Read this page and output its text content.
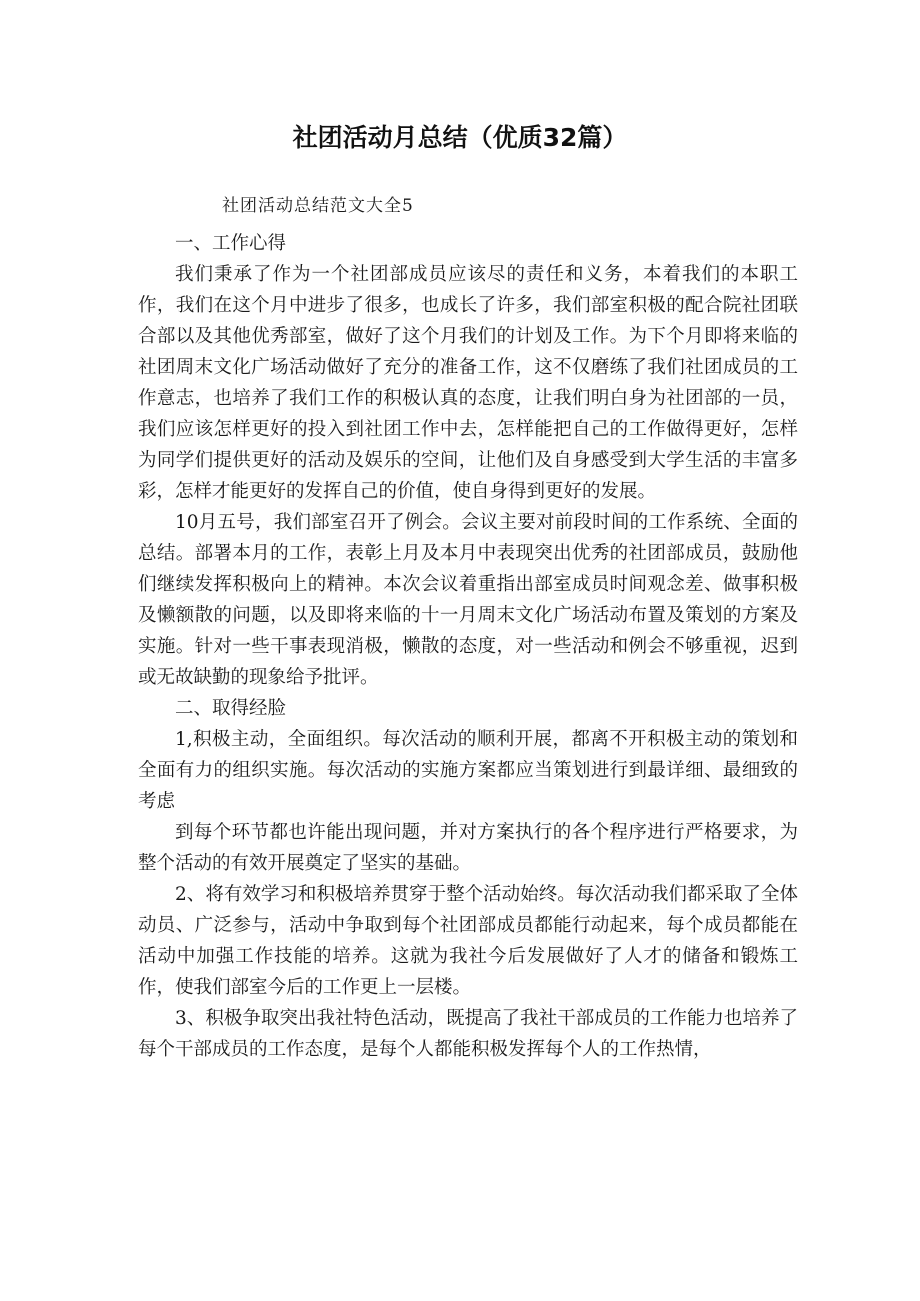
社团活动月总结（优质32篇）
社团活动总结范文大全5

一、工作心得

我们秉承了作为一个社团部成员应该尽的责任和义务，本着我们的本职工作，我们在这个月中进步了很多，也成长了许多，我们部室积极的配合院社团联合部以及其他优秀部室，做好了这个月我们的计划及工作。为下个月即将来临的社团周末文化广场活动做好了充分的准备工作，这不仅磨练了我们社团成员的工作意志，也培养了我们工作的积极认真的态度，让我们明白身为社团部的一员，我们应该怎样更好的投入到社团工作中去，怎样能把自己的工作做得更好，怎样为同学们提供更好的活动及娱乐的空间，让他们及自身感受到大学生活的丰富多彩，怎样才能更好的发挥自己的价值，使自身得到更好的发展。

10月五号，我们部室召开了例会。会议主要对前段时间的工作系统、全面的总结。部署本月的工作，表彰上月及本月中表现突出优秀的社团部成员，鼓励他们继续发挥积极向上的精神。本次会议着重指出部室成员时间观念差、做事积极及懒额散的问题，以及即将来临的十一月周末文化广场活动布置及策划的方案及实施。针对一些干事表现消极，懒散的态度，对一些活动和例会不够重视，迟到或无故缺勤的现象给予批评。

二、取得经脸

1,积极主动，全面组织。每次活动的顺利开展，都离不开积极主动的策划和全面有力的组织实施。每次活动的实施方案都应当策划进行到最详细、最细致的考虑

到每个环节都也许能出现问题，并对方案执行的各个程序进行严格要求，为整个活动的有效开展奠定了坚实的基础。

2、将有效学习和积极培养贯穿于整个活动始终。每次活动我们都采取了全体动员、广泛参与，活动中争取到每个社团部成员都能行动起来，每个成员都能在活动中加强工作技能的培养。这就为我社今后发展做好了人才的储备和锻炼工作，使我们部室今后的工作更上一层楼。

3、积极争取突出我社特色活动，既提高了我社干部成员的工作能力也培养了每个干部成员的工作态度，是每个人都能积极发挥每个人的工作热情，
